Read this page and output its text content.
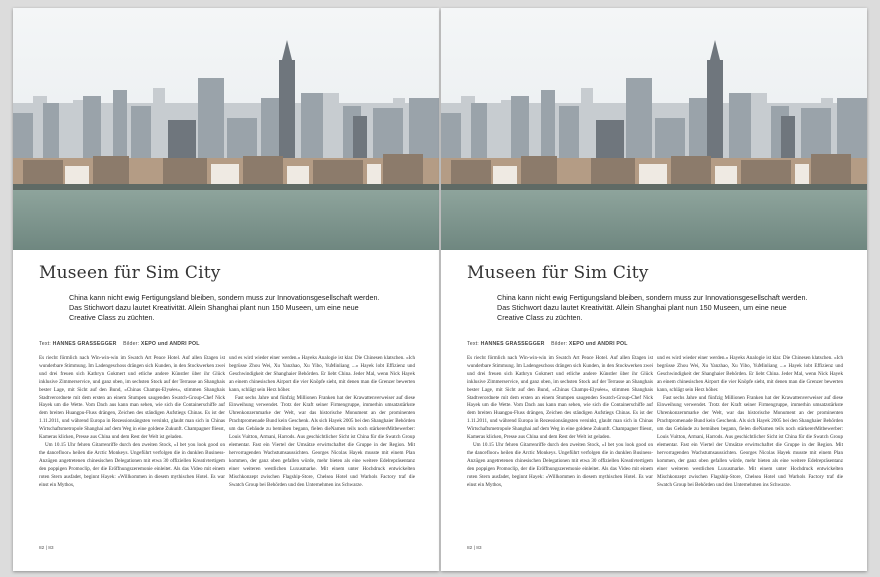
Museen für Sim City

China kann nicht ewig Fertigungsland bleiben, sondern muss zur Innovationsgesellschaft werden. Das Stichwort dazu lautet Kreativität. Allein Shanghai plant nun 150 Museen, um eine neue Creative Class zu züchten.

Text: HANNES GRASSEGGER Bilder: XEPO und ANDRI POL

Es riecht förmlich nach Win-win-win im Swatch Art Peace Hotel. Auf allen Etagen ist wunderbare Stimmung. Im Ladengeschoss drängen sich Kunden, in den Stockwerken zwei und drei freuen sich Kathryn Gokmert und etliche andere Künstler über ihr Glück inklusive Zimmerservice, und ganz oben, im sechsten Stock auf der Terrasse an Shanghais bester Lage, mit Sicht auf den Bund, «Chinas Champs-Elysées», stimmen Shanghais Stadtverordnete mit dem ersten an einem Stumpen saugenden Swatch-Group-Chef Nick Hayek um die Wette. Vom Dach aus kann man sehen, wie sich die Containerschiffe auf dem breiten Huangpu-Fluss drängen, Zeichen des ständigen Aufstiegs Chinas. Es ist der 1.11.2011, und während Europa in Rezessionsängsten versinkt, glaubt man sich in Chinas Wirtschaftsmetropole Shanghai auf dem Weg in eine goldene Zukunft. Champagner fliesst, Kameras klicken, Presse aus China und dem Rest der Welt ist geladen.

Um 10.15 Uhr fehren Gitarrenriffe durch den zweiten Stock, «I bet you look good on the dancefloor» heilen die Arctic Monkeys. Ungeführt verfolgen die in dunklen Business-Anzügen angetretenen chinesischen Delegationen mit etwa 30 offiziellen Kreativtertigem den poppigen Promoclip, der die Eröffnungszeremonie einleitet. Als das Video mit einem roten Stern ausfadet, beginnt Hayek: «Willkommen in diesem mythischen Hotel. Es war einst ein Mythos,

und es wird wieder einer werden.» Hayeks Analogie ist klar. Die Chinesen klatschen. «Ich begrüsse Zhou Wei, Xu Yanzhao, Xu Yibo, YuMinliang ...» Hayek lobt Effizienz und Geschwindigkeit der Shanghaier Behörden. Er liebt China. Jeder Mal, wenn Nick Hayek an einem chinesischen Airport die vier Knöpfe sieht, mit denen man die Grenzer bewerten kann, schlägt sein Herz höher.

Fast sechs Jahre und fünfzig Millionen Franken hat der Krawattenverweiser auf diese Einweihung verwendet. Trotz der Kraft seiner Firmengruppe, immerhin umsatzstärkste Uhrenkonzernmarke der Welt, war das historische Monument an der prominenten Prachtpromenade Bund kein Geschenk. Als sich Hayek 2005 bei den Shanghaier Behörden um das Gebäude zu bemühen begann, fielen dieNamen teils noch stärkererMitbewerber: Louis Vuitton, Armani, Harrods. Aus geschichtlicher Sicht ist China für die Swatch Group elementar. Fast ein Viertel der Umsätze erwirtschaftet die Gruppe in der Region. Mit hervorragenden Wachstumsaussichten. Georges Nicolas Hayek musste mit einem Plan kommen, der ganz oben gefallen würde, mehr bieten als eine weitere Edelrepräsentanz einer weiteren westlichen Luxusmarke. Mit einem unter Hochdruck entwickelten Mischkonzept zwischen Flagship-Store, Chelsea Hotel und Warhols Factory traf die Swatch Group bei Behörden und den Unternehmen ins Schwarze.

82 | 83
Museen für Sim City

China kann nicht ewig Fertigungsland bleiben, sondern muss zur Innovationsgesellschaft werden. Das Stichwort dazu lautet Kreativität. Allein Shanghai plant nun 150 Museen, um eine neue Creative Class zu züchten.

Text: HANNES GRASSEGGER Bilder: XEPO und ANDRI POL

Es riecht förmlich nach Win-win-win im Swatch Art Peace Hotel. Auf allen Etagen ist wunderbare Stimmung. Im Ladengeschoss drängen sich Kunden, in den Stockwerken zwei und drei freuen sich Kathryn Gokmert und etliche andere Künstler über ihr Glück inklusive Zimmerservice, und ganz oben, im sechsten Stock auf der Terrasse an Shanghais bester Lage, mit Sicht auf den Bund, «Chinas Champs-Elysées», stimmen Shanghais Stadtverordnete mit dem ersten an einem Stumpen saugenden Swatch-Group-Chef Nick Hayek um die Wette. Vom Dach aus kann man sehen, wie sich die Containerschiffe auf dem breiten Huangpu-Fluss drängen, Zeichen des ständigen Aufstiegs Chinas. Es ist der 1.11.2011, und während Europa in Rezessionsängsten versinkt, glaubt man sich in Chinas Wirtschaftsmetropole Shanghai auf dem Weg in eine goldene Zukunft. Champagner fliesst, Kameras klicken, Presse aus China und dem Rest der Welt ist geladen.

Um 10.15 Uhr fehren Gitarrenriffe durch den zweiten Stock, «I bet you look good on the dancefloor» heilen die Arctic Monkeys. Ungeführt verfolgen die in dunklen Business-Anzügen angetretenen chinesischen Delegationen mit etwa 30 offiziellen Kreativtertigem den poppigen Promoclip, der die Eröffnungszeremonie einleitet. Als das Video mit einem roten Stern ausfadet, beginnt Hayek: «Willkommen in diesem mythischen Hotel. Es war einst ein Mythos,

und es wird wieder einer werden.» Hayeks Analogie ist klar. Die Chinesen klatschen. «Ich begrüsse Zhou Wei, Xu Yanzhao, Xu Yibo, YuMinliang ...» Hayek lobt Effizienz und Geschwindigkeit der Shanghaier Behörden. Er liebt China. Jeder Mal, wenn Nick Hayek an einem chinesischen Airport die vier Knöpfe sieht, mit denen man die Grenzer bewerten kann, schlägt sein Herz höher.

Fast sechs Jahre und fünfzig Millionen Franken hat der Krawattenverweiser auf diese Einweihung verwendet. Trotz der Kraft seiner Firmengruppe, immerhin umsatzstärkste Uhrenkonzernmarke der Welt, war das historische Monument an der prominenten Prachtpromenade Bund kein Geschenk. Als sich Hayek 2005 bei den Shanghaier Behörden um das Gebäude zu bemühen begann, fielen dieNamen teils noch stärkererMitbewerber: Louis Vuitton, Armani, Harrods. Aus geschichtlicher Sicht ist China für die Swatch Group elementar. Fast ein Viertel der Umsätze erwirtschaftet die Gruppe in der Region. Mit hervorragenden Wachstumsaussichten. Georges Nicolas Hayek musste mit einem Plan kommen, der ganz oben gefallen würde, mehr bieten als eine weitere Edelrepräsentanz einer weiteren westlichen Luxusmarke. Mit einem unter Hochdruck entwickelten Mischkonzept zwischen Flagship-Store, Chelsea Hotel und Warhols Factory traf die Swatch Group bei Behörden und den Unternehmen ins Schwarze.

82 | 83
